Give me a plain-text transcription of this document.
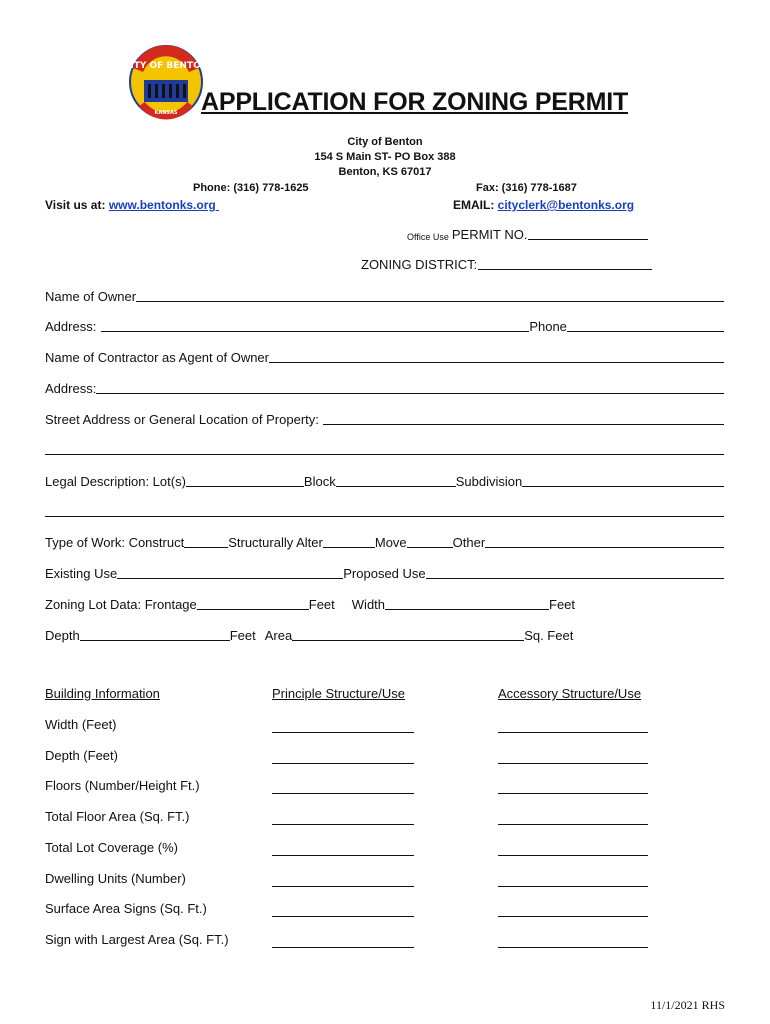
CITY OF BENTON
KANSAS APPLICATION FOR ZONING PERMIT
City of Benton
154 S Main ST- PO Box 388
Benton, KS 67017
Phone: (316) 778-1625	Fax: (316) 778-1687
Visit us at: www.bentonks.org	EMAIL: cityclerk@bentonks.org
Office Use PERMIT NO.
ZONING DISTRICT:
Name of Owner
Address:	Phone
Name of Contractor as Agent of Owner
Address:
Street Address or General Location of Property:
Legal Description: Lot(s)	Block	Subdivision
Type of Work: Construct	Structurally Alter	Move	Other
Existing Use	Proposed Use
Zoning Lot Data: Frontage	Feet Width	Feet
Depth	Feet Area	Sq. Feet
Building Information	Principle Structure/Use	Accessory Structure/Use
Width (Feet)
Depth (Feet)
Floors (Number/Height Ft.)
Total Floor Area (Sq. FT.)
Total Lot Coverage (%)
Dwelling Units (Number)
Surface Area Signs (Sq. Ft.)
Sign with Largest Area (Sq. FT.)
11/1/2021 RHS
